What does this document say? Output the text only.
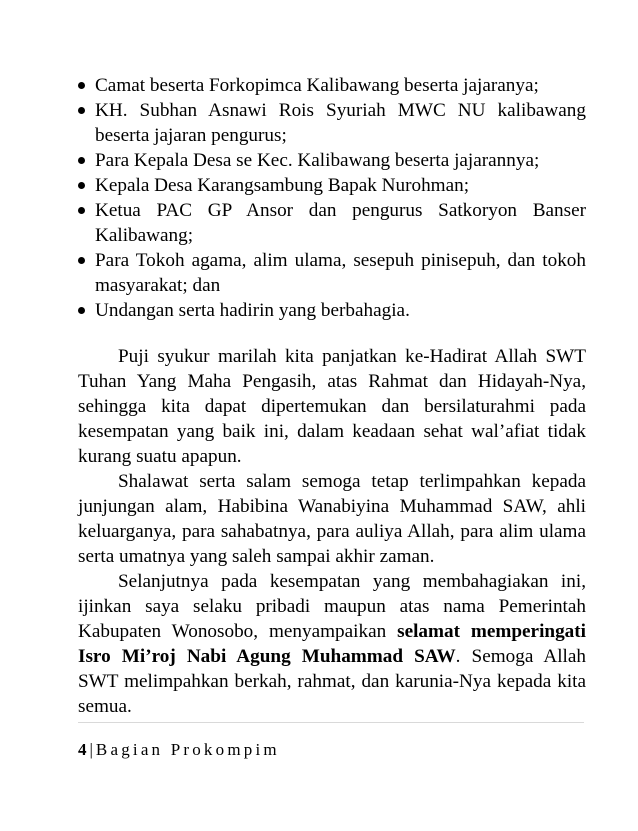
Camat beserta Forkopimca Kalibawang beserta jajaranya;
KH. Subhan Asnawi Rois Syuriah MWC NU kalibawang beserta jajaran pengurus;
Para Kepala Desa se Kec. Kalibawang beserta jajarannya;
Kepala Desa Karangsambung Bapak Nurohman;
Ketua PAC GP Ansor dan pengurus Satkoryon Banser Kalibawang;
Para Tokoh agama, alim ulama, sesepuh pinisepuh, dan tokoh masyarakat; dan
Undangan serta hadirin yang berbahagia.

Puji syukur marilah kita panjatkan ke-Hadirat Allah SWT Tuhan Yang Maha Pengasih, atas Rahmat dan Hidayah-Nya, sehingga kita dapat dipertemukan dan bersilaturahmi pada kesempatan yang baik ini, dalam keadaan sehat wal’afiat tidak kurang suatu apapun.

Shalawat serta salam semoga tetap terlimpahkan kepada junjungan alam, Habibina Wanabiyina Muhammad SAW, ahli keluarganya, para sahabatnya, para auliya Allah, para alim ulama serta umatnya yang saleh sampai akhir zaman.

Selanjutnya pada kesempatan yang membahagiakan ini, ijinkan saya selaku pribadi maupun atas nama Pemerintah Kabupaten Wonosobo, menyampaikan selamat memperingati Isro Mi’roj Nabi Agung Muhammad SAW. Semoga Allah SWT melimpahkan berkah, rahmat, dan karunia-Nya kepada kita semua.

4 | Bagian Prokompim
